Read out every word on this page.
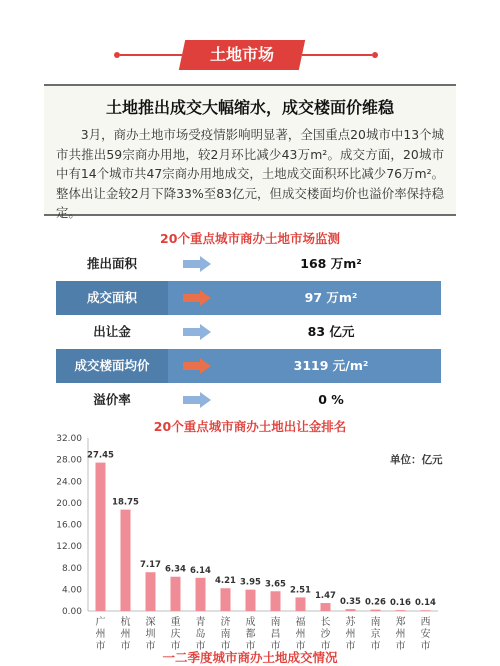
土地市场
土地推出成交大幅缩水，成交楼面价维稳
3月，商办土地市场受疫情影响明显著，全国重点20城市中13个城市共推出59宗商办用地，较2月环比减少43万m²。成交方面，20城市中有14个城市共47宗商办用地成交，土地成交面积环比减少76万m²。整体出让金较2月下降33%至83亿元，但成交楼面均价也溢价率保持稳定。
20个重点城市商办土地市场监测
推出面积	168 万m²
成交面积	97 万m²
出让金	83 亿元
成交楼面均价	3119 元/m²
溢价率	0 %
20个重点城市商办土地出让金排名
单位：亿元
0.00
4.00
8.00
12.00
16.00
20.00
24.00
28.00
32.00
27.45
广
州
市
18.75
杭
州
市
7.17
深
圳
市
6.34
重
庆
市
6.14
青
岛
市
4.21
济
南
市
3.95
成
都
市
3.65
南
昌
市
2.51
福
州
市
1.47
长
沙
市
0.35
苏
州
市
0.26
南
京
市
0.16
郑
州
市
0.14
西
安
市
一二季度城市商办土地成交情况
